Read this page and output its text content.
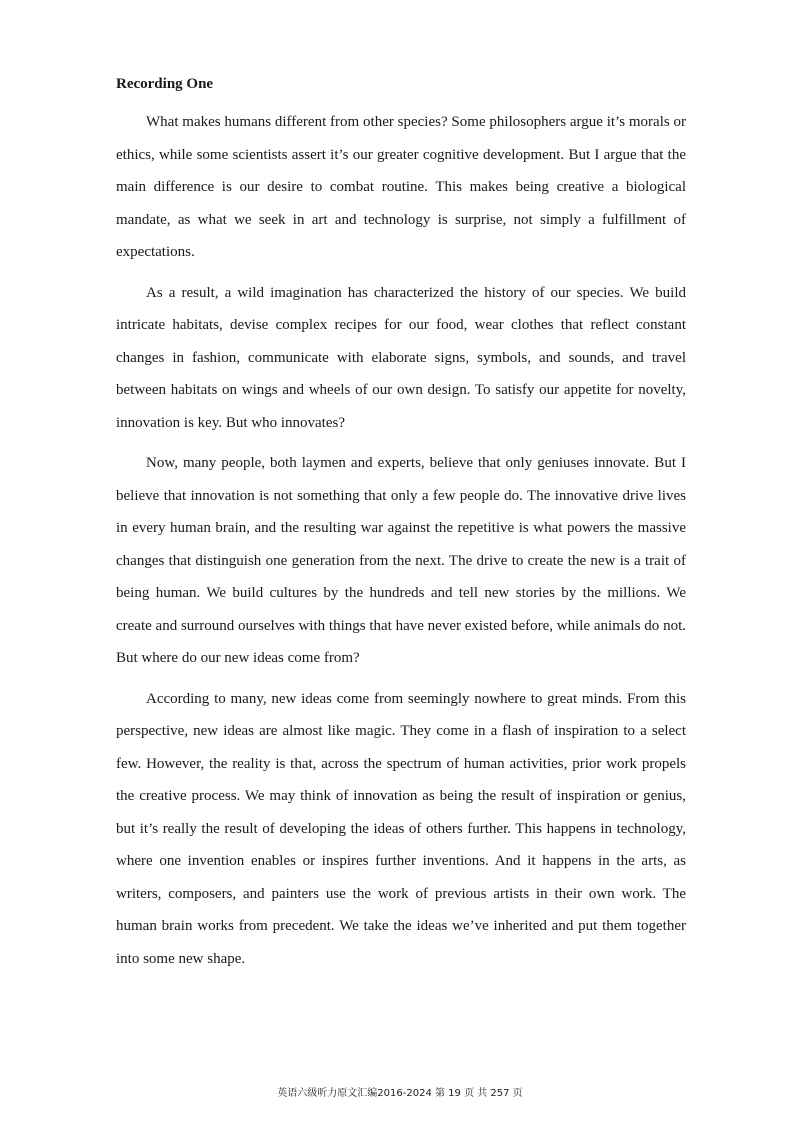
Recording One

What makes humans different from other species? Some philosophers argue it’s morals or ethics, while some scientists assert it’s our greater cognitive development. But I argue that the main difference is our desire to combat routine. This makes being creative a biological mandate, as what we seek in art and technology is surprise, not simply a fulfillment of expectations.

As a result, a wild imagination has characterized the history of our species. We build intricate habitats, devise complex recipes for our food, wear clothes that reflect constant changes in fashion, communicate with elaborate signs, symbols, and sounds, and travel between habitats on wings and wheels of our own design. To satisfy our appetite for novelty, innovation is key. But who innovates?

Now, many people, both laymen and experts, believe that only geniuses innovate. But I believe that innovation is not something that only a few people do. The innovative drive lives in every human brain, and the resulting war against the repetitive is what powers the massive changes that distinguish one generation from the next. The drive to create the new is a trait of being human. We build cultures by the hundreds and tell new stories by the millions. We create and surround ourselves with things that have never existed before, while animals do not. But where do our new ideas come from?

According to many, new ideas come from seemingly nowhere to great minds. From this perspective, new ideas are almost like magic. They come in a flash of inspiration to a select few. However, the reality is that, across the spectrum of human activities, prior work propels the creative process. We may think of innovation as being the result of inspiration or genius, but it’s really the result of developing the ideas of others further. This happens in technology, where one invention enables or inspires further inventions. And it happens in the arts, as writers, composers, and painters use the work of previous artists in their own work. The human brain works from precedent. We take the ideas we’ve inherited and put them together into some new shape.

英语六级听力原文汇编2016-2024 第 19 页 共 257 页
